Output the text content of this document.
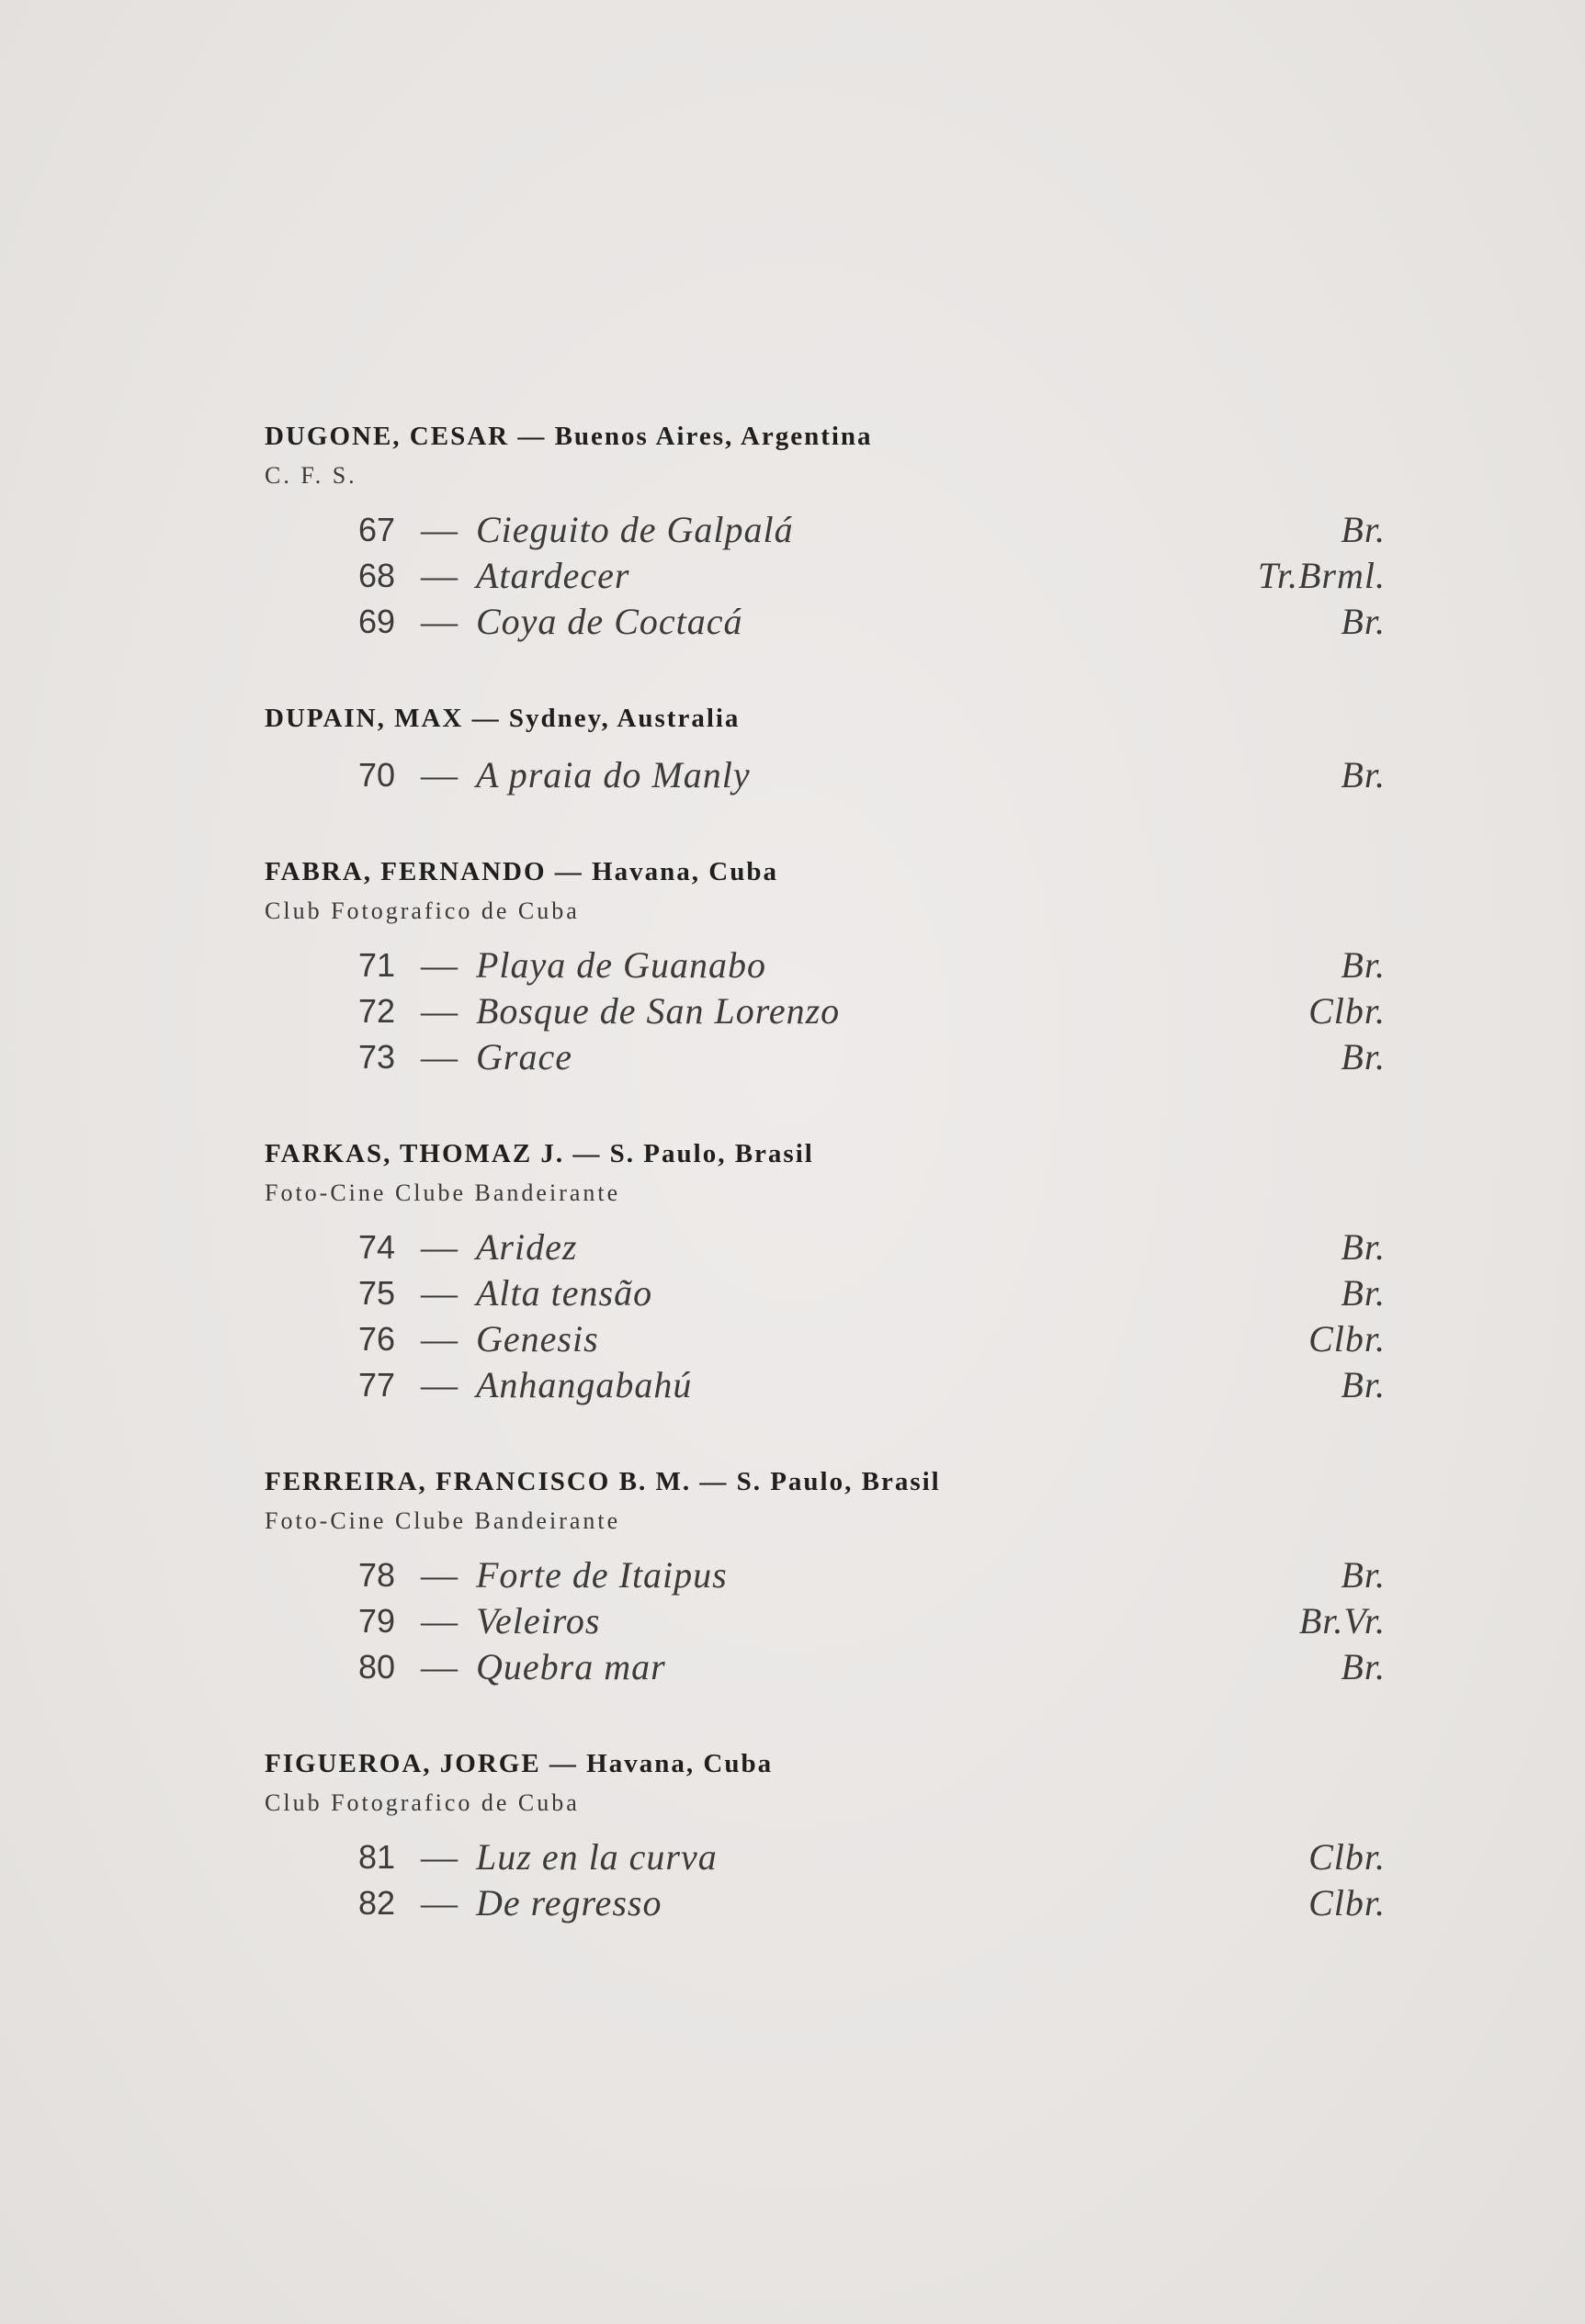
DUGONE, CESAR — Buenos Aires, Argentina
C. F. S.
67 — Cieguito de Galpalá	Br.
68 — Atardecer	Tr.Brml.
69 — Coya de Coctacá	Br.
DUPAIN, MAX — Sydney, Australia
70 — A praia do Manly	Br.
FABRA, FERNANDO — Havana, Cuba
Club Fotografico de Cuba
71 — Playa de Guanabo	Br.
72 — Bosque de San Lorenzo	Clbr.
73 — Grace	Br.
FARKAS, THOMAZ J. — S. Paulo, Brasil
Foto-Cine Clube Bandeirante
74 — Aridez	Br.
75 — Alta tensão	Br.
76 — Genesis	Clbr.
77 — Anhangabahú	Br.
FERREIRA, FRANCISCO B. M. — S. Paulo, Brasil
Foto-Cine Clube Bandeirante
78 — Forte de Itaipus	Br.
79 — Veleiros	Br.Vr.
80 — Quebra mar	Br.
FIGUEROA, JORGE — Havana, Cuba
Club Fotografico de Cuba
81 — Luz en la curva	Clbr.
82 — De regresso	Clbr.
